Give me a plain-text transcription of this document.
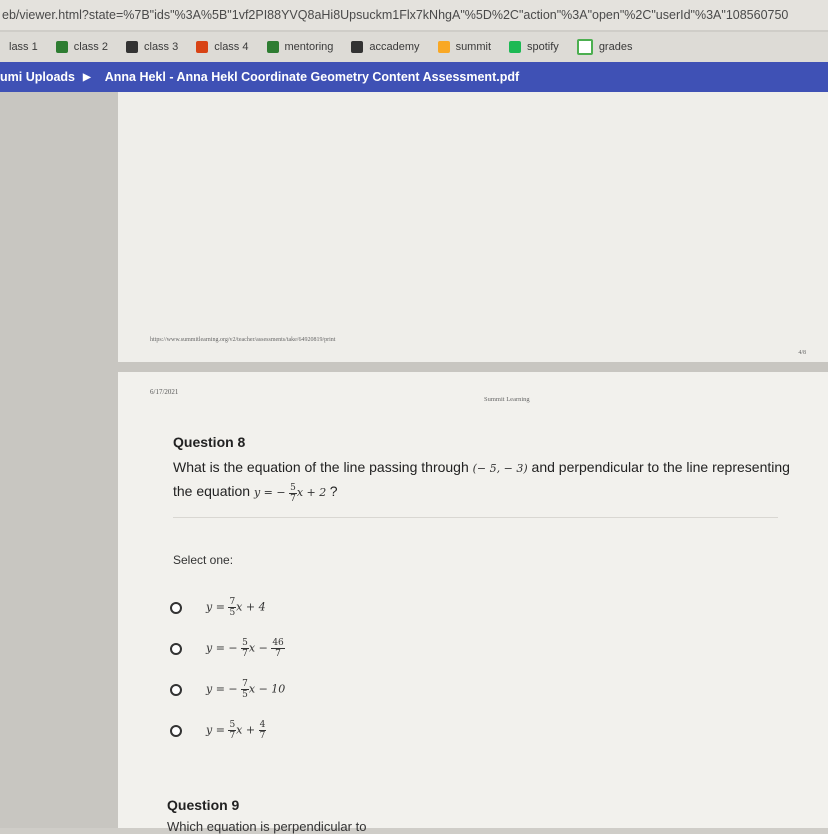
eb/viewer.html?state=%7B"ids"%3A%5B"1vf2PI88YVQ8aHi8Upsuckm1Flx7kNhgA"%5D%2C"action"%3A"open"%2C"userId"%3A"108560750
lass 1	class 2	class 3	class 4	mentoring	accademy	summit	spotify	grades
umi Uploads ▶ Anna Hekl - Anna Hekl Coordinate Geometry Content Assessment.pdf
https://www.summitlearning.org/v2/teacher/assessments/take/64920819/print
4/8
6/17/2021
Summit Learning
Question 8
What is the equation of the line passing through (− 5, − 3) and perpendicular to the line representing the equation y = − $\frac{5}{7}$ x + 2 ?
Select one:
$y = \frac{7}{5}$ x + 4
y = − $\frac{5}{7}$ $x - \frac{46}{7}$
y = − $\frac{7}{5}$ x − 10
$y = \frac{5}{7}$ $x + \frac{4}{7}$
Question 9
Which equation is perpendicular to
